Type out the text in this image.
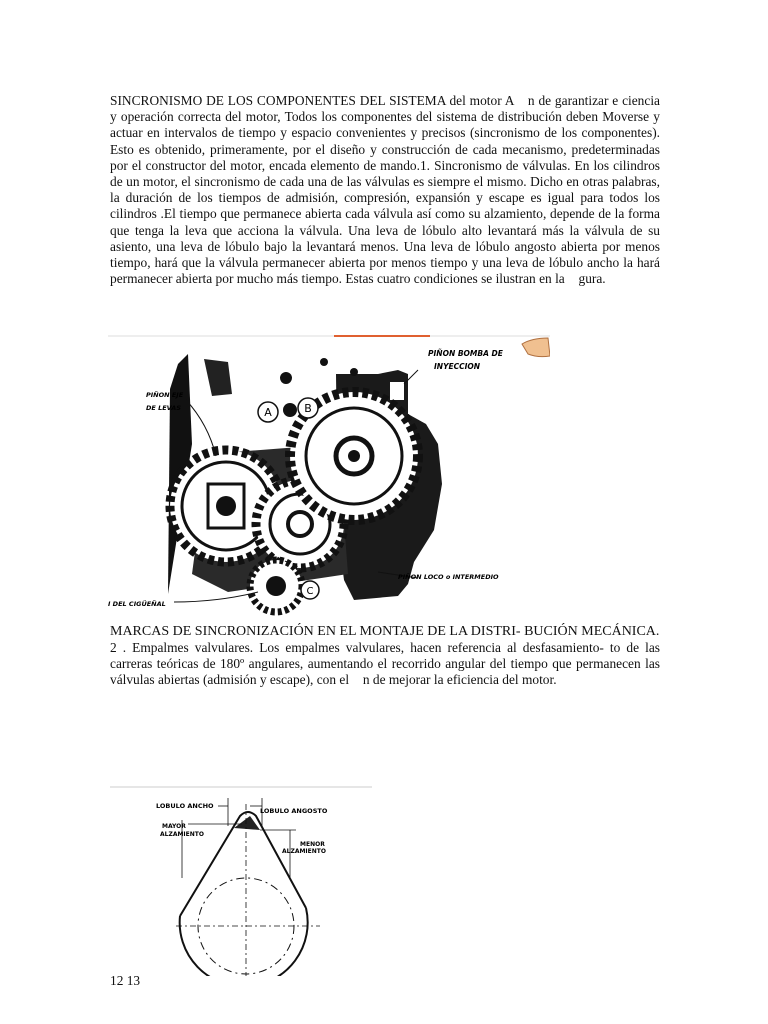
SINCRONISMO DE LOS COMPONENTES DEL SISTEMA del motor A n de garantizar e ciencia y operación correcta del motor, Todos los componentes del sistema de distribución deben Moverse y actuar en intervalos de tiempo y espacio convenientes y precisos (sincronismo de los componentes). Esto es obtenido, primeramente, por el diseño y construcción de cada mecanismo, predeterminadas por el constructor del motor, encada elemento de mando.1. Sincronismo de válvulas. En los cilindros de un motor, el sincronismo de cada una de las válvulas es siempre el mismo. Dicho en otras palabras, la duración de los tiempos de admisión, compresión, expansión y escape es igual para todos los cilindros .El tiempo que permanece abierta cada válvula así como su alzamiento, depende de la forma que tenga la leva que acciona la válvula. Una leva de lóbulo alto levantará más la válvula de su asiento, una leva de lóbulo bajo la levantará menos. Una leva de lóbulo angosto abierta por menos tiempo, hará que la válvula permanecer abierta por menos tiempo y una leva de lóbulo ancho la hará permanecer abierta por mucho más tiempo. Estas cuatro condiciones se ilustran en la gura.

A	B
C
PIÑON BOMBA DE
INYECCION
PIÑON EJE
DE LEVAS
PIÑON LOCO o INTERMEDIO
I DEL CIGÜEÑAL
MARCAS DE SINCRONIZACIÓN EN EL MONTAJE DE LA DISTRI- BUCIÓN MECÁNICA.
2 . Empalmes valvulares. Los empalmes valvulares, hacen referencia al desfasamiento- to de las carreras teóricas de 180º angulares, aumentando el recorrido angular del tiempo que permanecen las válvulas abiertas (admisión y escape), con el n de mejorar la eficiencia del motor.
LOBULO ANCHO
LOBULO ANGOSTO
MAYOR
ALZAMIENTO
MENOR
ALZAMIENTO
12 13
